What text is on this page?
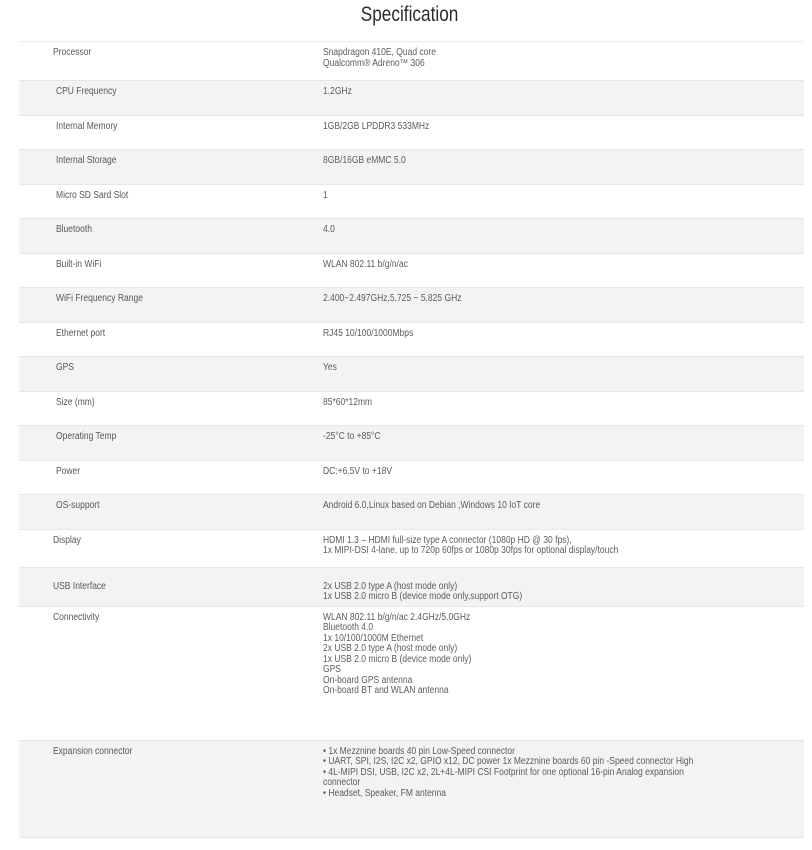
Specification
Processor	Snapdragon 410E, Quad core
Qualcomm® Adreno™ 306
CPU Frequency	1.2GHz
Internal Memory	1GB/2GB LPDDR3 533MHz
Internal Storage	8GB/16GB eMMC 5.0
Micro SD Sard Slot	1
Bluetooth	4.0
Built-in WiFi	WLAN 802.11 b/g/n/ac
WiFi Frequency Range	2.400~2.497GHz,5.725 ~ 5.825 GHz
Ethernet port	RJ45 10/100/1000Mbps
GPS	Yes
Size (mm)	85*60*12mm
Operating Temp	-25°C to +85°C
Power	DC:+6.5V to +18V
OS-support	Android 6.0,Linux based on Debian ,Windows 10 IoT core
Display	HDMI 1.3 – HDMI full-size type A connector (1080p HD @ 30 fps),
1x MIPI-DSI 4-lane, up to 720p 60fps or 1080p 30fps for optional display/touch
USB Interface	2x USB 2.0 type A (host mode only)
1x USB 2.0 micro B (device mode only,support OTG)
Connectivity	WLAN 802.11 b/g/n/ac 2.4GHz/5.0GHz
Bluetooth 4.0
1x 10/100/1000M Ethernet
2x USB 2.0 type A (host mode only)
1x USB 2.0 micro B (device mode only)
GPS
On-board GPS antenna
On-board BT and WLAN antenna
Expansion connector	• 1x Mezznine boards 40 pin Low-Speed connector
• UART, SPI, I2S, I2C x2, GPIO x12, DC power 1x Mezznine boards 60 pin -Speed connector High
• 4L-MIPI DSI, USB, I2C x2, 2L+4L-MIPI CSI Footprint for one optional 16-pin Analog expansion
connector
• Headset, Speaker, FM antenna
